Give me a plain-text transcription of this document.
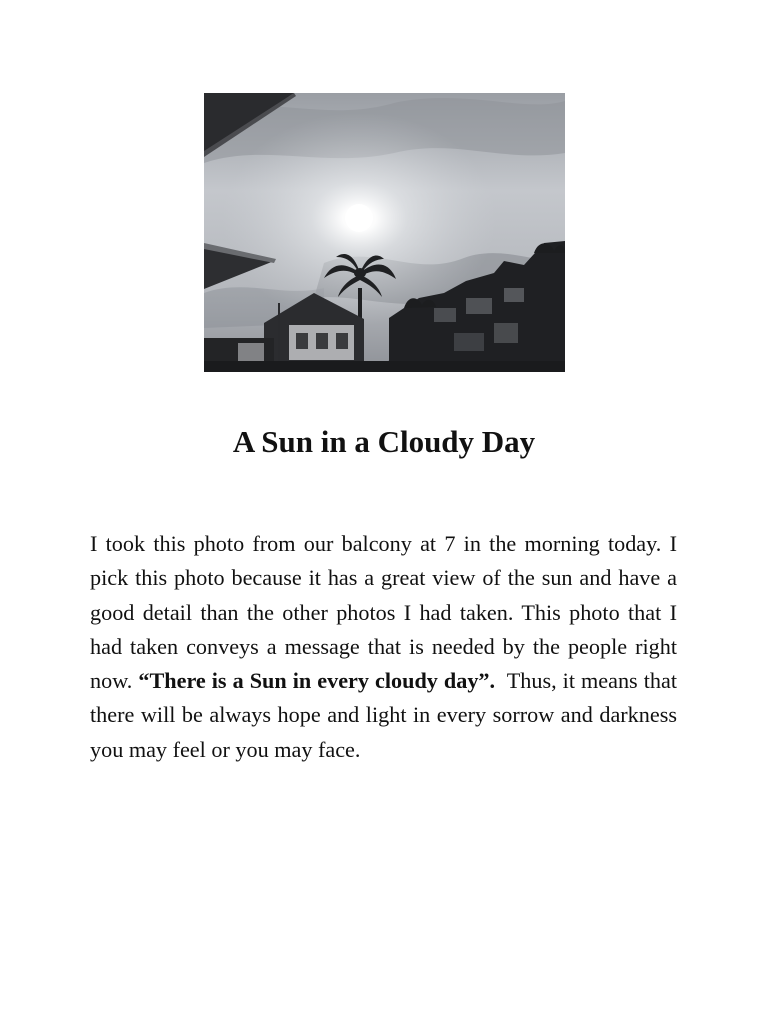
A Sun in a Cloudy Day

I took this photo from our balcony at 7 in the morning today. I pick this photo because it has a great view of the sun and have a good detail than the other photos I had taken. This photo that I had taken conveys a message that is needed by the people right now. “There is a Sun in every cloudy day”. Thus, it means that there will be always hope and light in every sorrow and darkness you may feel or you may face.
